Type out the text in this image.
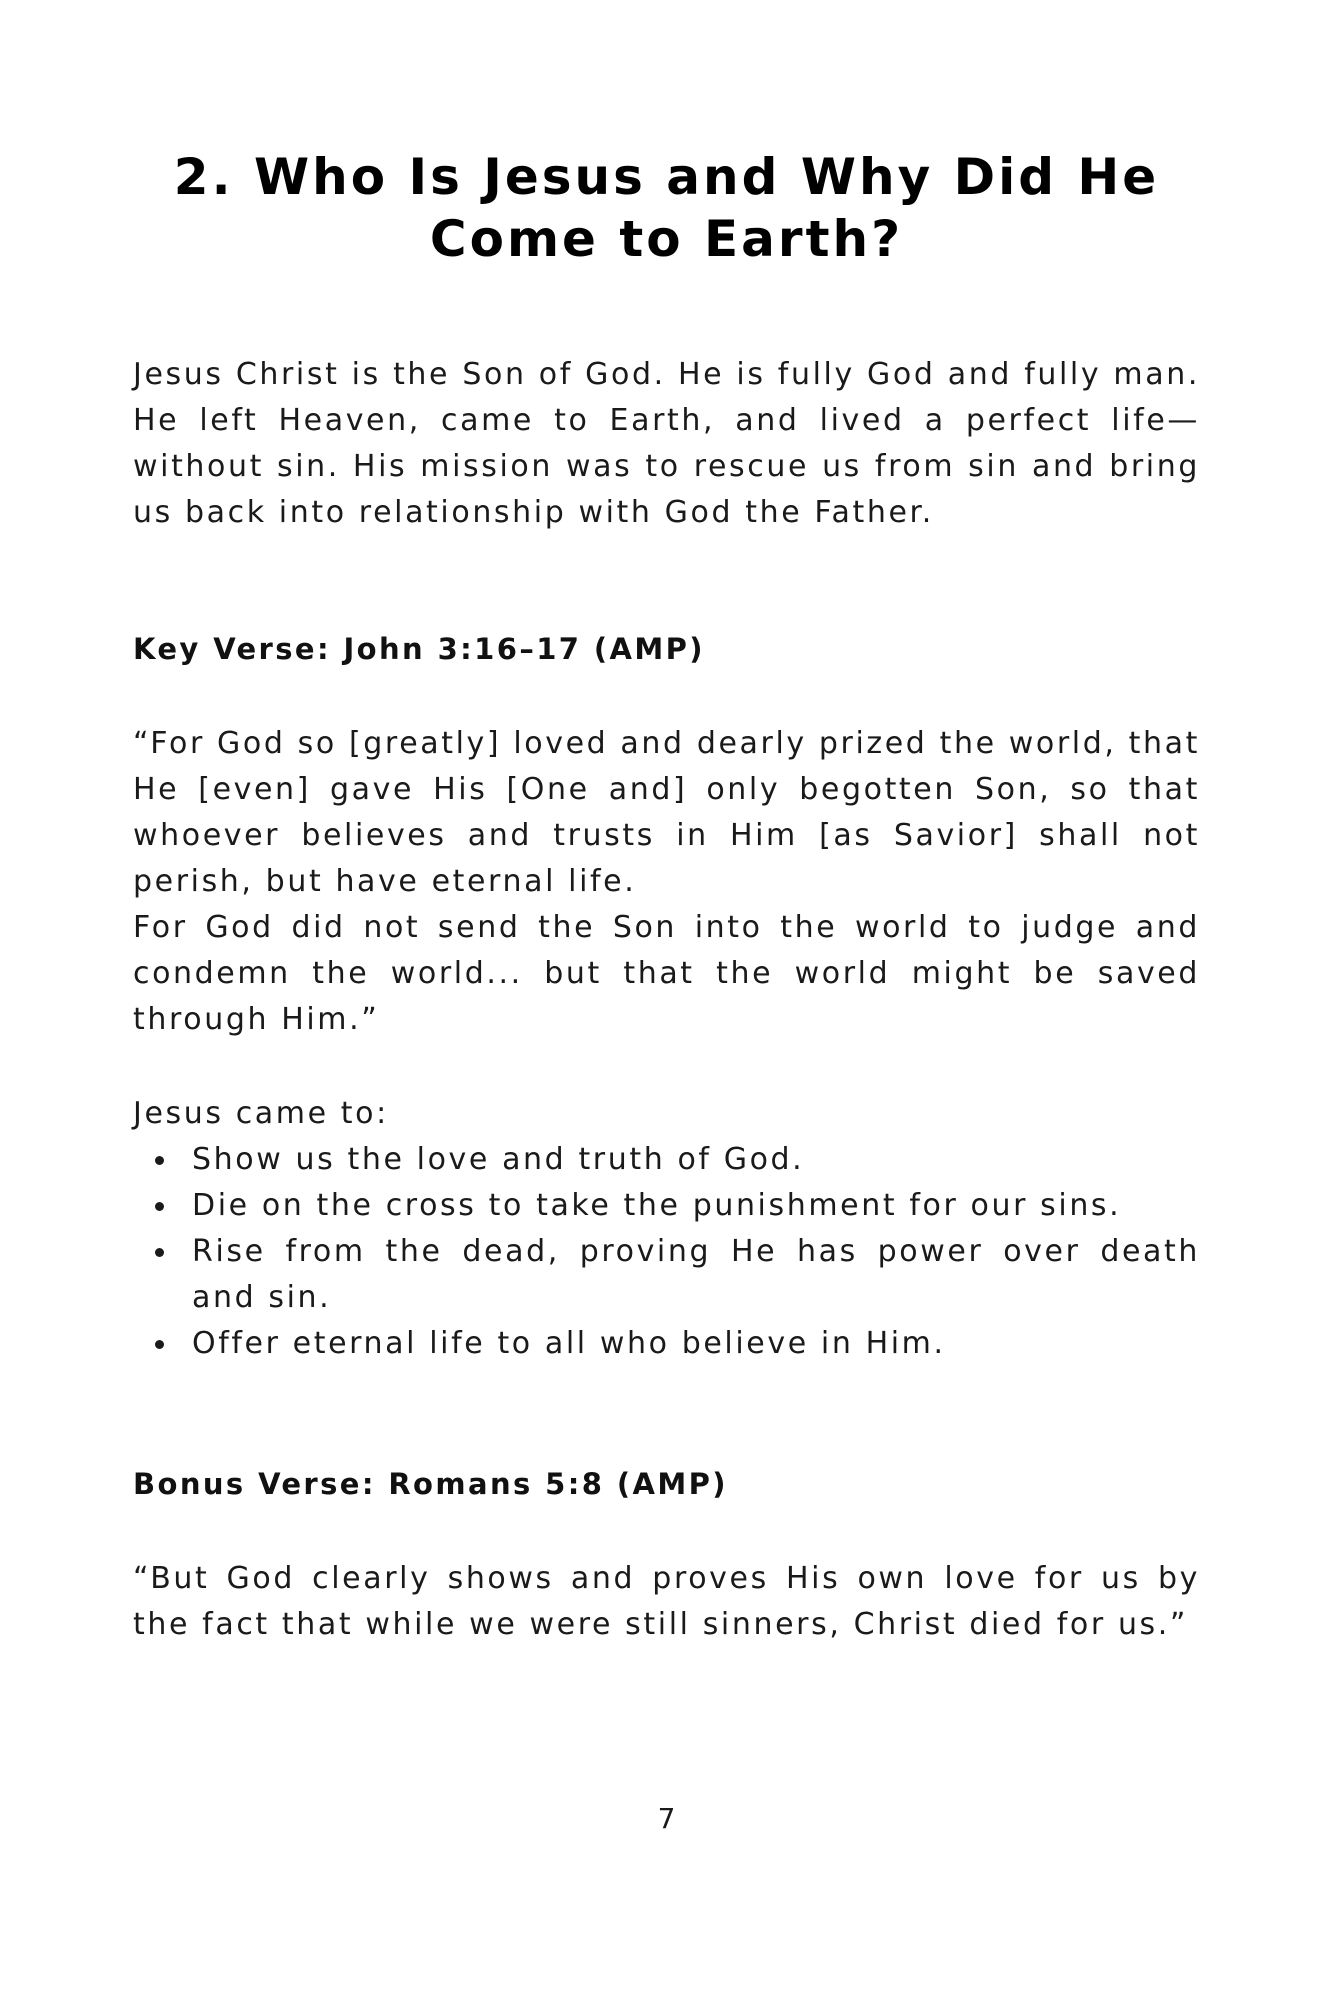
2. Who Is Jesus and Why Did He
Come to Earth?

Jesus Christ is the Son of God. He is fully God and fully man. He left Heaven, came to Earth, and lived a perfect life—without sin. His mission was to rescue us from sin and bring us back into relationship with God the Father.

Key Verse: John 3:16–17 (AMP)

“For God so [greatly] loved and dearly prized the world, that He [even] gave His [One and] only begotten Son, so that whoever believes and trusts in Him [as Savior] shall not perish, but have eternal life.

For God did not send the Son into the world to judge and condemn the world... but that the world might be saved through Him.”

Jesus came to:

Show us the love and truth of God.
Die on the cross to take the punishment for our sins.
Rise from the dead, proving He has power over death and sin.
Offer eternal life to all who believe in Him.

Bonus Verse: Romans 5:8 (AMP)

“But God clearly shows and proves His own love for us by the fact that while we were still sinners, Christ died for us.”

7
